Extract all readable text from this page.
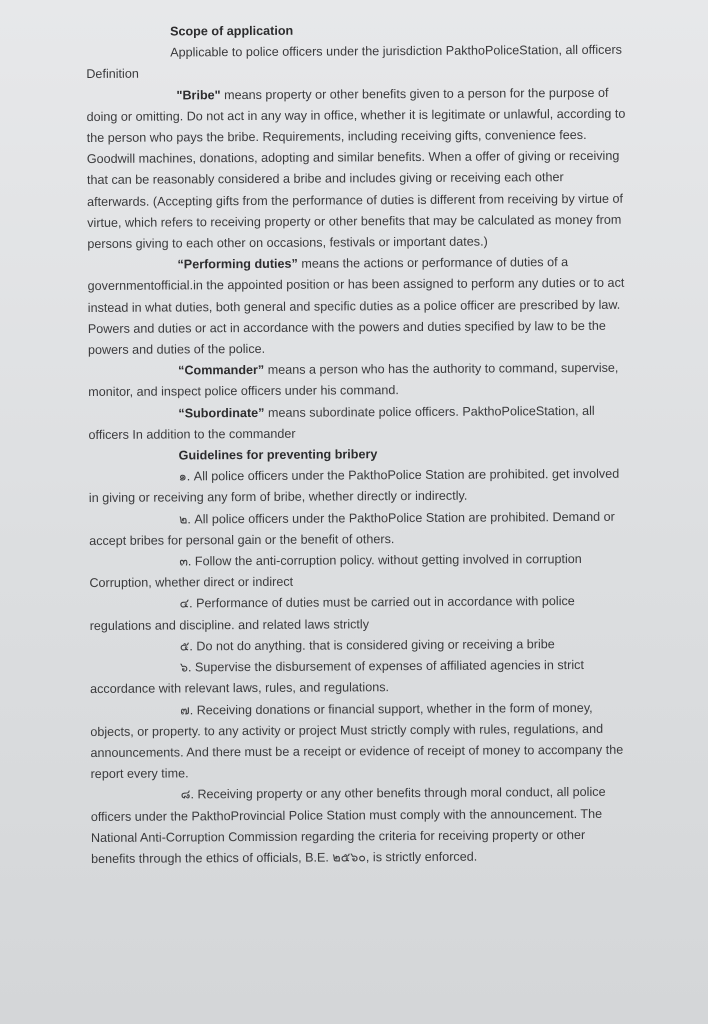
Scope of application

Applicable to police officers under the jurisdiction PakthoPoliceStation, all officers Definition

"Bribe" means property or other benefits given to a person for the purpose of doing or omitting. Do not act in any way in office, whether it is legitimate or unlawful, according to the person who pays the bribe. Requirements, including receiving gifts, convenience fees. Goodwill machines, donations, adopting and similar benefits. When a offer of giving or receiving that can be reasonably considered a bribe and includes giving or receiving each other afterwards. (Accepting gifts from the performance of duties is different from receiving by virtue of virtue, which refers to receiving property or other benefits that may be calculated as money from persons giving to each other on occasions, festivals or important dates.)

“Performing duties” means the actions or performance of duties of a governmentofficial.in the appointed position or has been assigned to perform any duties or to act instead in what duties, both general and specific duties as a police officer are prescribed by law. Powers and duties or act in accordance with the powers and duties specified by law to be the powers and duties of the police.

“Commander” means a person who has the authority to command, supervise, monitor, and inspect police officers under his command.

“Subordinate” means subordinate police officers. PakthoPoliceStation, all officers In addition to the commander

Guidelines for preventing bribery

๑. All police officers under the PakthoPolice Station are prohibited. get involved in giving or receiving any form of bribe, whether directly or indirectly.

๒. All police officers under the PakthoPolice Station are prohibited. Demand or accept bribes for personal gain or the benefit of others.

๓. Follow the anti-corruption policy. without getting involved in corruption Corruption, whether direct or indirect

๔. Performance of duties must be carried out in accordance with police regulations and discipline. and related laws strictly

๕. Do not do anything. that is considered giving or receiving a bribe

๖. Supervise the disbursement of expenses of affiliated agencies in strict accordance with relevant laws, rules, and regulations.

๗. Receiving donations or financial support, whether in the form of money, objects, or property. to any activity or project Must strictly comply with rules, regulations, and announcements. And there must be a receipt or evidence of receipt of money to accompany the report every time.

๘. Receiving property or any other benefits through moral conduct, all police officers under the PakthoProvincial Police Station must comply with the announcement. The National Anti-Corruption Commission regarding the criteria for receiving property or other benefits through the ethics of officials, B.E. ๒๕๖๐, is strictly enforced.
